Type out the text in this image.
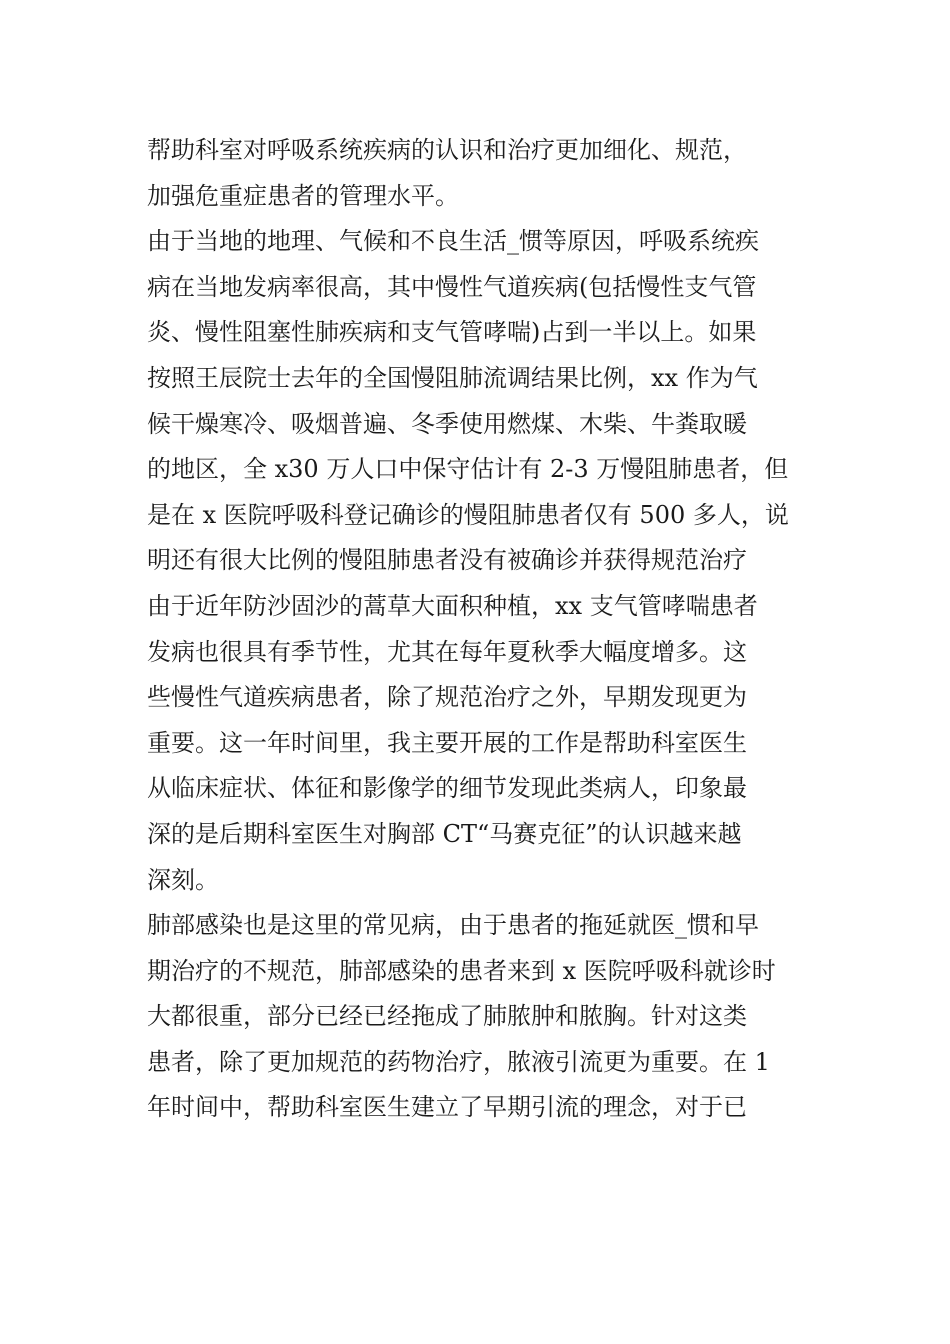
帮助科室对呼吸系统疾病的认识和治疗更加细化、规范，
加强危重症患者的管理水平。
由于当地的地理、气候和不良生活_惯等原因，呼吸系统疾
病在当地发病率很高，其中慢性气道疾病(包括慢性支气管
炎、慢性阻塞性肺疾病和支气管哮喘)占到一半以上。如果
按照王辰院士去年的全国慢阻肺流调结果比例，xx 作为气
候干燥寒冷、吸烟普遍、冬季使用燃煤、木柴、牛粪取暖
的地区，全 x30 万人口中保守估计有 2-3 万慢阻肺患者，但
是在 x 医院呼吸科登记确诊的慢阻肺患者仅有 500 多人，说
明还有很大比例的慢阻肺患者没有被确诊并获得规范治疗
由于近年防沙固沙的蒿草大面积种植，xx 支气管哮喘患者
发病也很具有季节性，尤其在每年夏秋季大幅度增多。这
些慢性气道疾病患者，除了规范治疗之外，早期发现更为
重要。这一年时间里，我主要开展的工作是帮助科室医生
从临床症状、体征和影像学的细节发现此类病人，印象最
深的是后期科室医生对胸部 CT“马赛克征”的认识越来越
深刻。
肺部感染也是这里的常见病，由于患者的拖延就医_惯和早
期治疗的不规范，肺部感染的患者来到 x 医院呼吸科就诊时
大都很重，部分已经已经拖成了肺脓肿和脓胸。针对这类
患者，除了更加规范的药物治疗，脓液引流更为重要。在 1
年时间中，帮助科室医生建立了早期引流的理念，对于已
